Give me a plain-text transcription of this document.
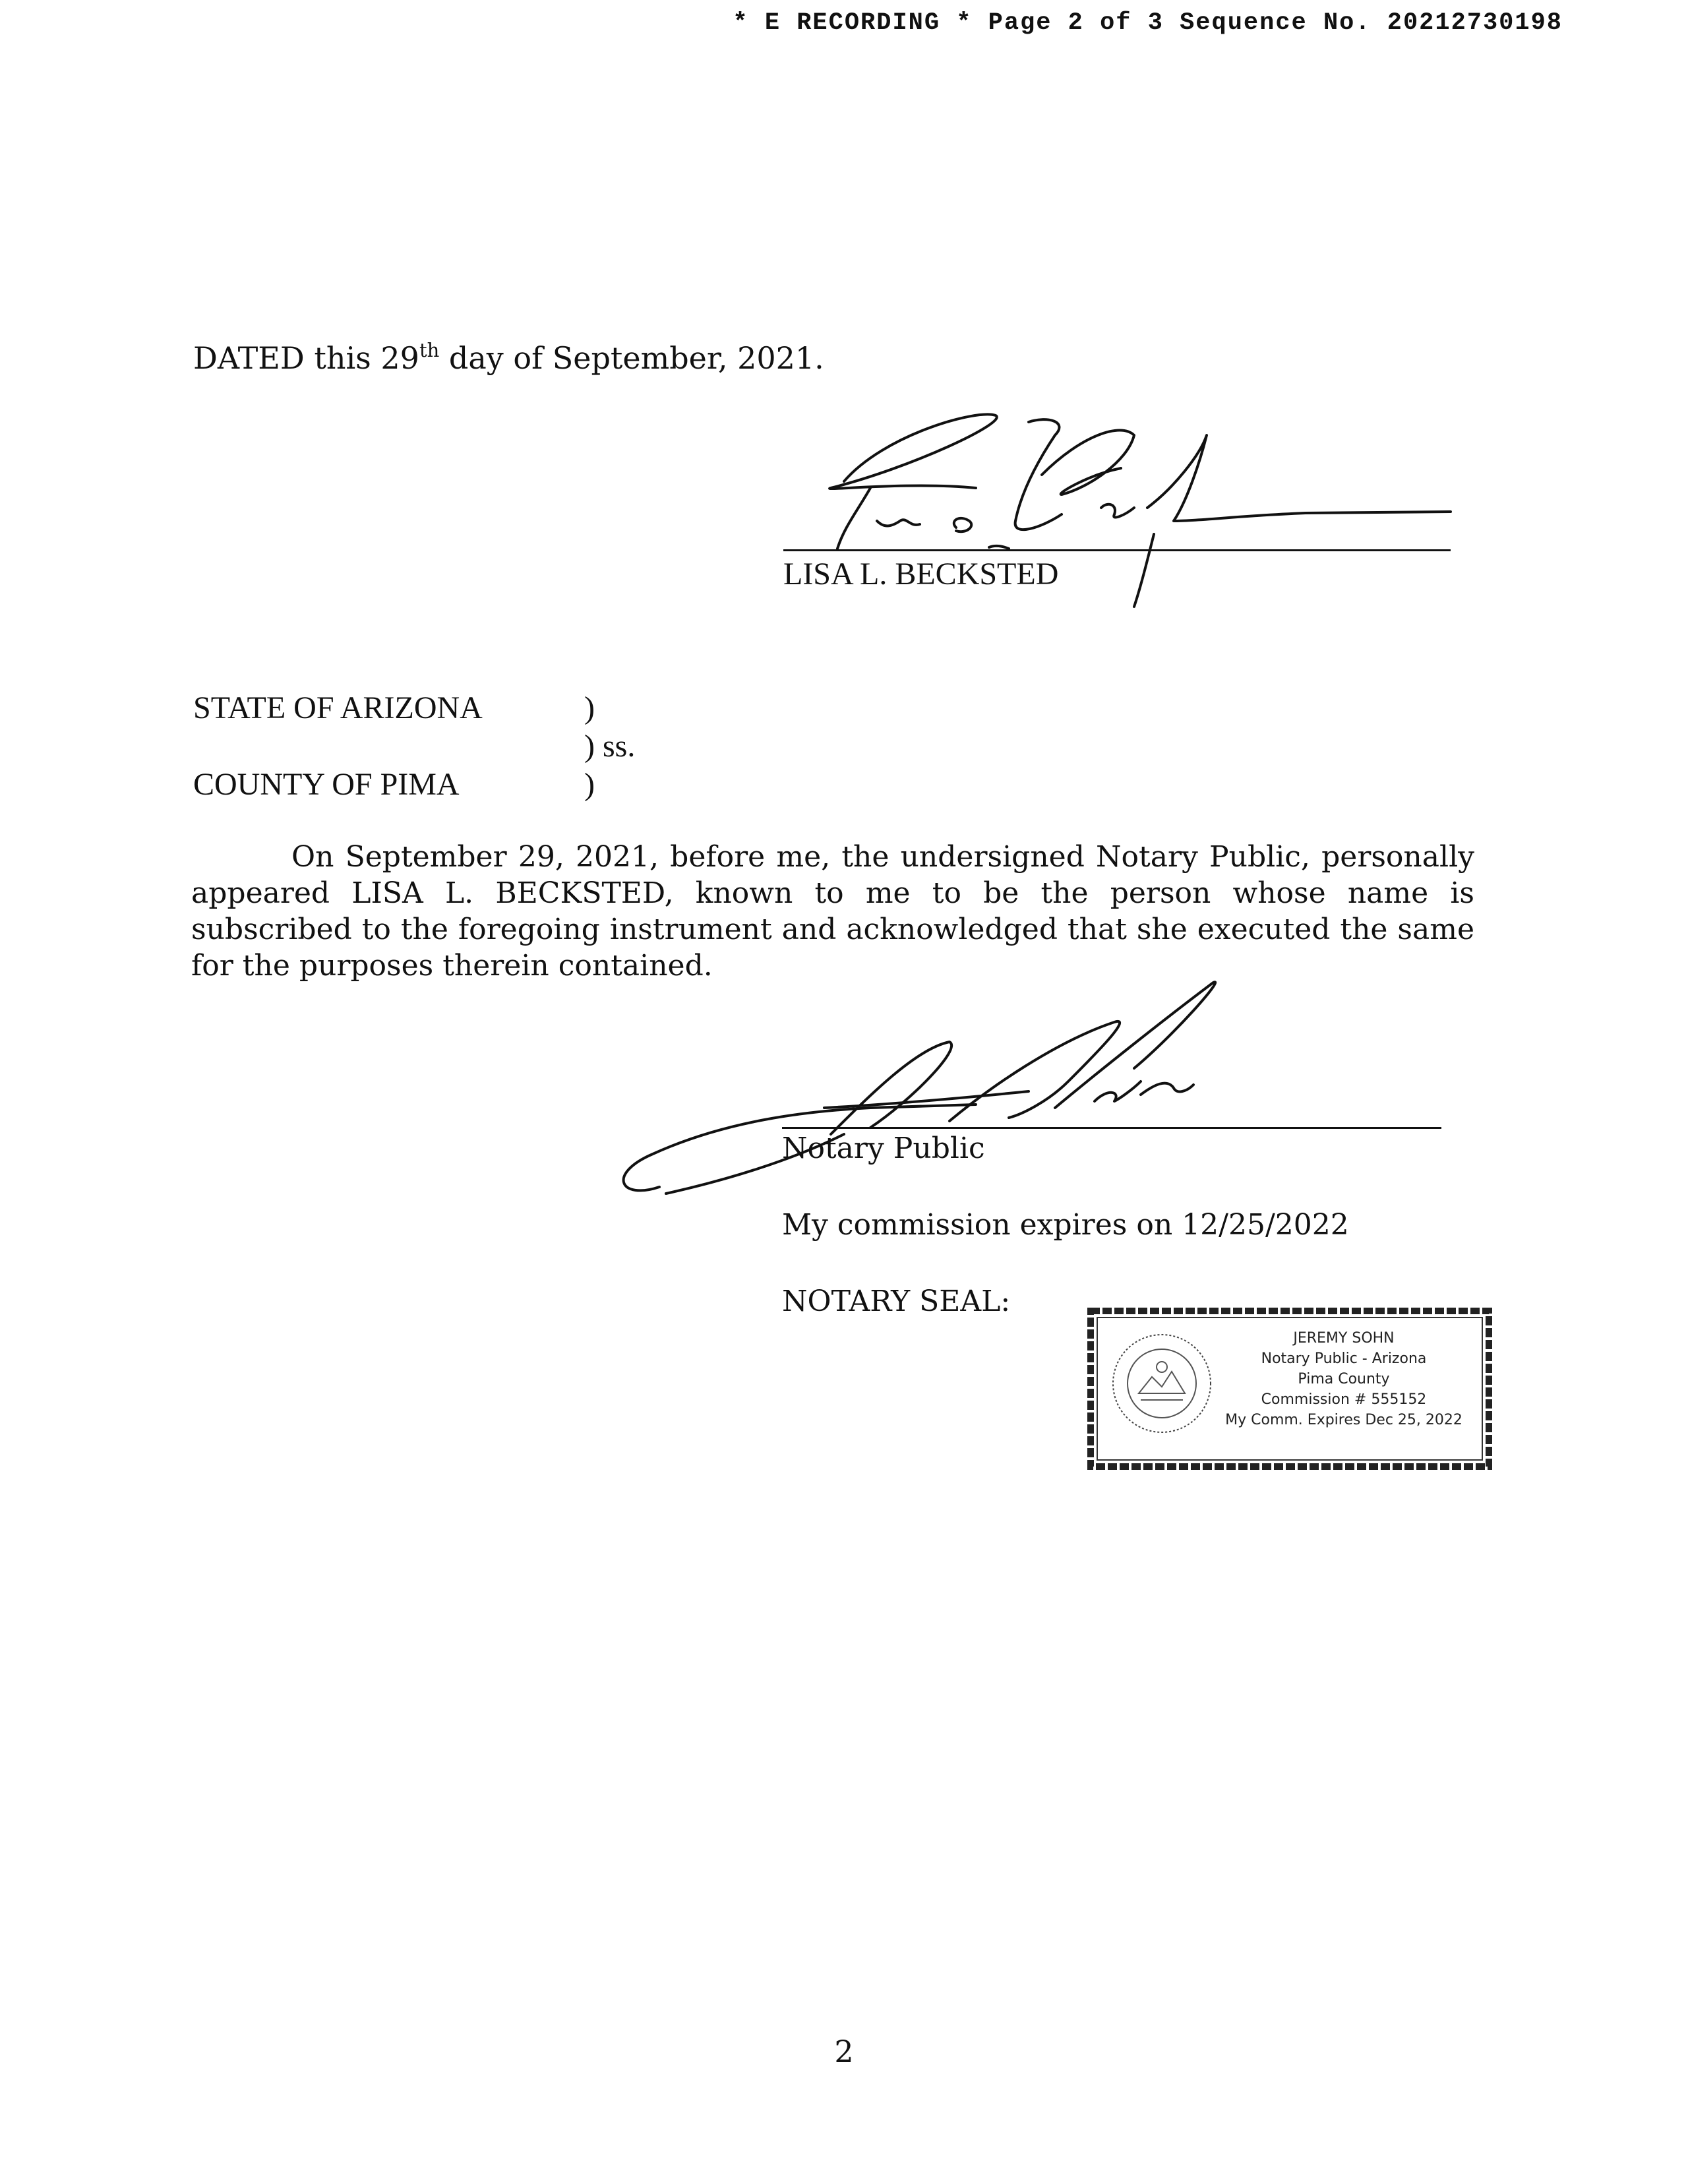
* E RECORDING * Page 2 of 3 Sequence No. 20212730198
DATED this 29th day of September, 2021.
LISA L. BECKSTED
STATE OF ARIZONA	)
) ss.
COUNTY OF PIMA	)
On September 29, 2021, before me, the undersigned Notary Public, personally appeared LISA L. BECKSTED, known to me to be the person whose name is subscribed to the foregoing instrument and acknowledged that she executed the same for the purposes therein contained.
Notary Public
My commission expires on 12/25/2022
NOTARY SEAL:
JEREMY SOHN
Notary Public - Arizona
Pima County
Commission # 555152
My Comm. Expires Dec 25, 2022
2
